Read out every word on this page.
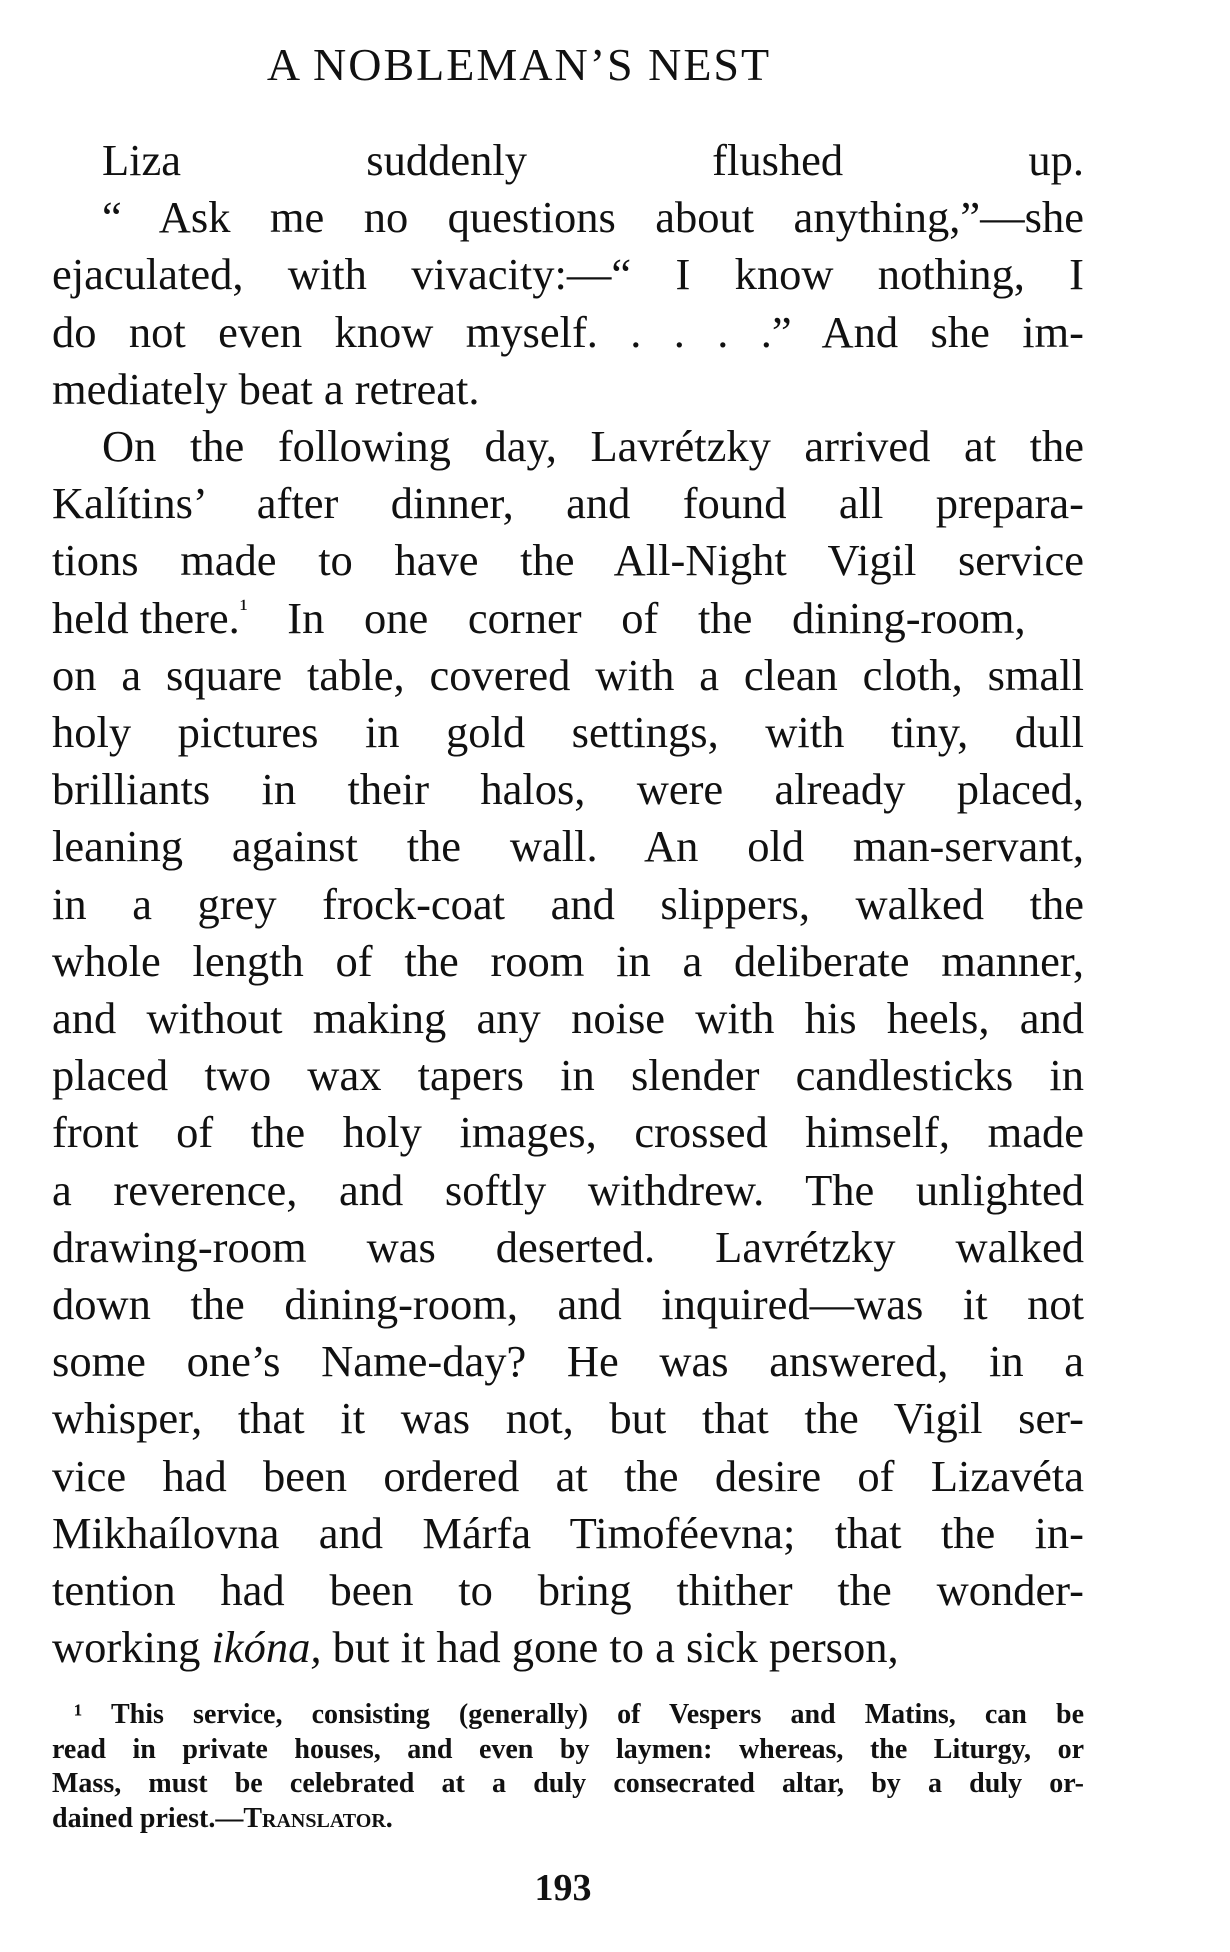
A NOBLEMAN’S NEST
Liza suddenly flushed up.
“ Ask me no questions about anything,”—she
ejaculated, with vivacity:—“ I know nothing, I
do not even know myself. . . . .” And she im-
mediately beat a retreat.
On the following day, Lavrétzky arrived at the
Kalítins’ after dinner, and found all prepara-
tions made to have the All-Night Vigil service
held there.$^{^1}$ In one corner of the dining-room,
on a square table, covered with a clean cloth, small
holy pictures in gold settings, with tiny, dull
brilliants in their halos, were already placed,
leaning against the wall. An old man-servant,
in a grey frock-coat and slippers, walked the
whole length of the room in a deliberate manner,
and without making any noise with his heels, and
placed two wax tapers in slender candlesticks in
front of the holy images, crossed himself, made
a reverence, and softly withdrew. The unlighted
drawing-room was deserted. Lavrétzky walked
down the dining-room, and inquired—was it not
some one’s Name-day? He was answered, in a
whisper, that it was not, but that the Vigil ser-
vice had been ordered at the desire of Lizavéta
Mikhaílovna and Márfa Timoféevna; that the in-
tention had been to bring thither the wonder-
working ikóna, but it had gone to a sick person,
¹ This service, consisting (generally) of Vespers and Matins, can be
read in private houses, and even by laymen: whereas, the Liturgy, or
Mass, must be celebrated at a duly consecrated altar, by a duly or-
dained priest.—Translator.
193
